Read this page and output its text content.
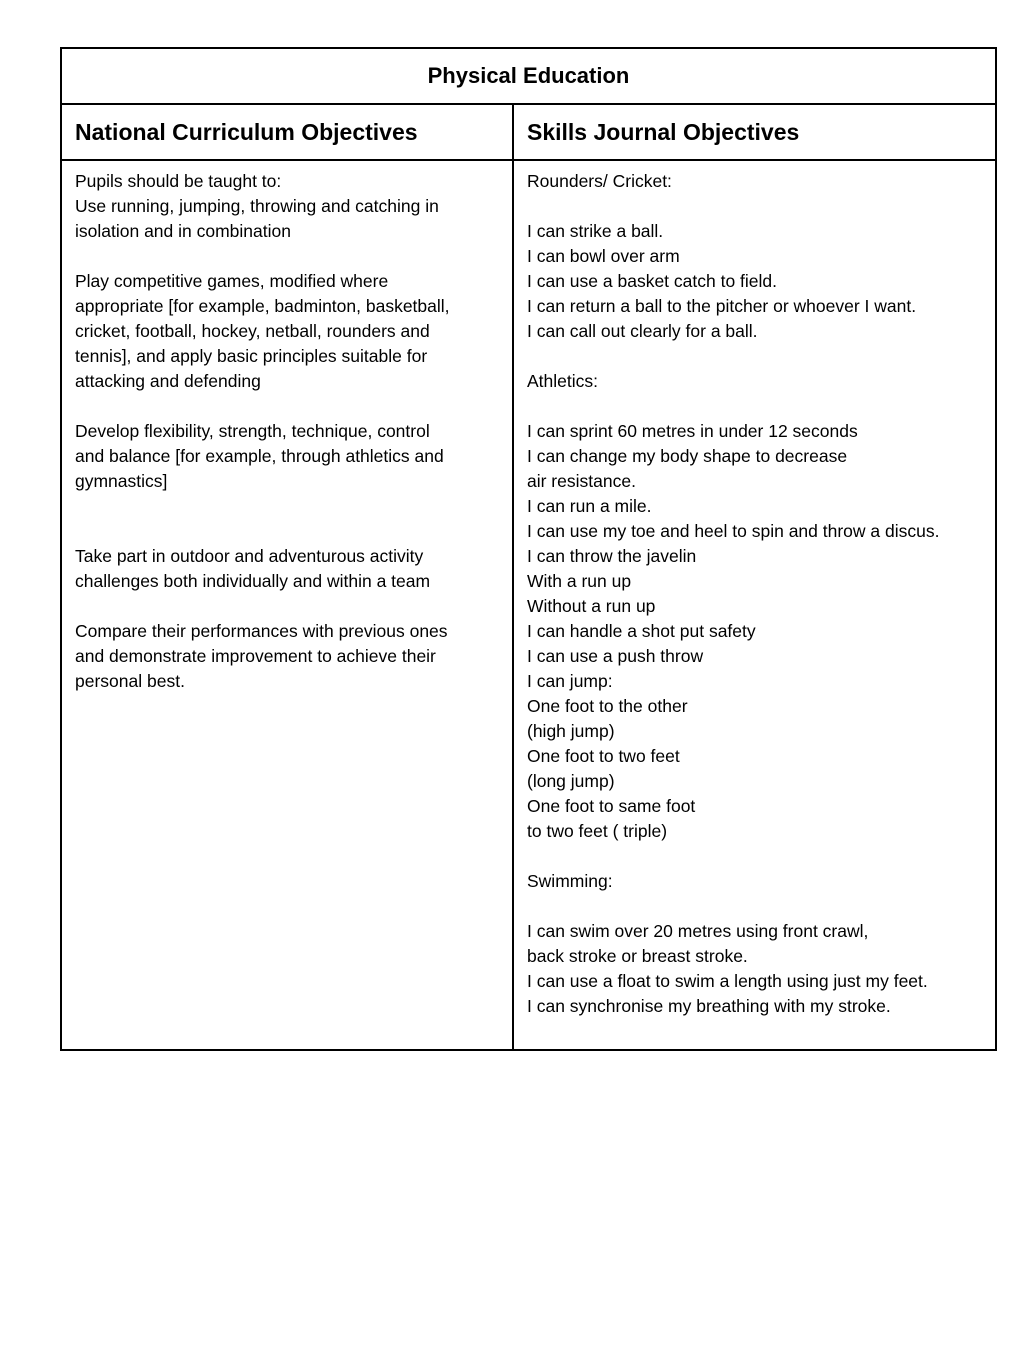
Physical Education
National Curriculum Objectives	Skills Journal Objectives
Pupils should be taught to:
Use running, jumping, throwing and catching in
isolation and in combination
Play competitive games, modified where
appropriate [for example, badminton, basketball,
cricket, football, hockey, netball, rounders and
tennis], and apply basic principles suitable for
attacking and defending
Develop flexibility, strength, technique, control
and balance [for example, through athletics and
gymnastics]
Take part in outdoor and adventurous activity
challenges both individually and within a team
Compare their performances with previous ones
and demonstrate improvement to achieve their
personal best.
Rounders/ Cricket:
I can strike a ball.
I can bowl over arm
I can use a basket catch to field.
I can return a ball to the pitcher or whoever I want.
I can call out clearly for a ball.
Athletics:
I can sprint 60 metres in under 12 seconds
I can change my body shape to decrease
air resistance.
I can run a mile.
I can use my toe and heel to spin and throw a discus.
I can throw the javelin
With a run up
Without a run up
I can handle a shot put safety
I can use a push throw
I can jump:
One foot to the other
(high jump)
One foot to two feet
(long jump)
One foot to same foot
to two feet ( triple)
Swimming:
I can swim over 20 metres using front crawl,
back stroke or breast stroke.
I can use a float to swim a length using just my feet.
I can synchronise my breathing with my stroke.
